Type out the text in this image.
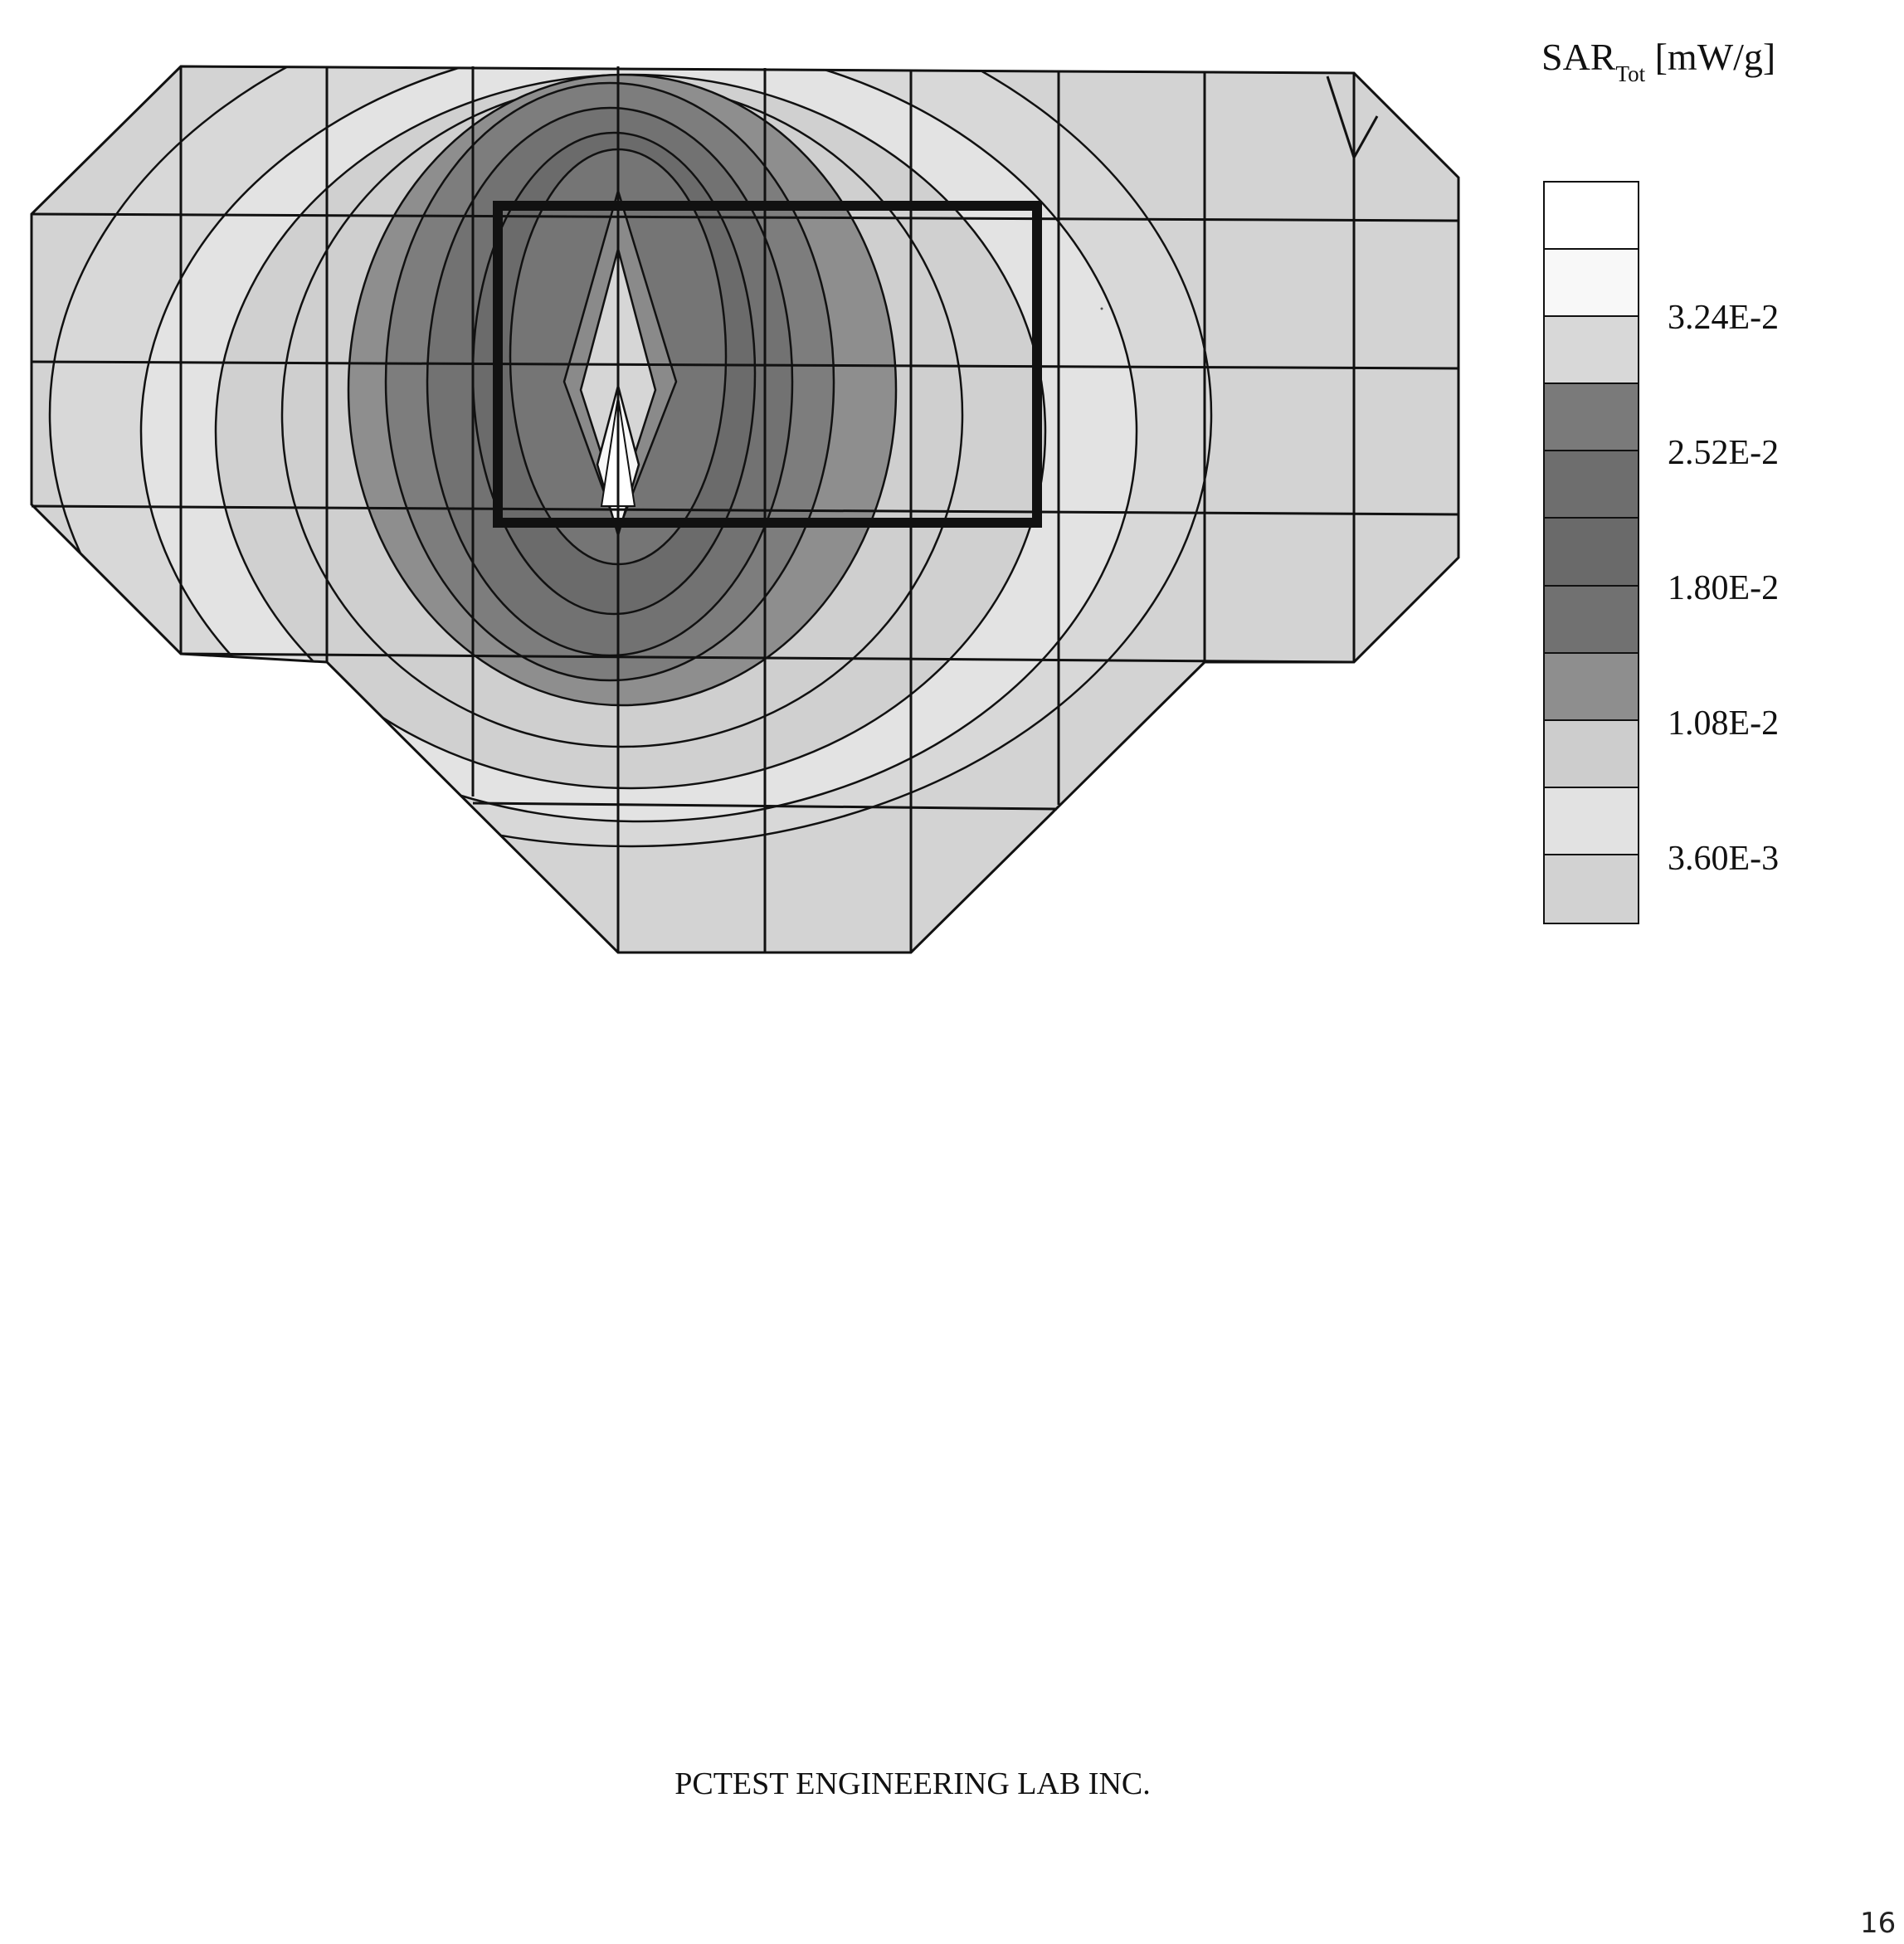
$SAR_{Tot}$ [mW/g]
3.24E-2
2.52E-2
1.80E-2
1.08E-2
3.60E-3
PCTEST ENGINEERING LAB INC.
16
